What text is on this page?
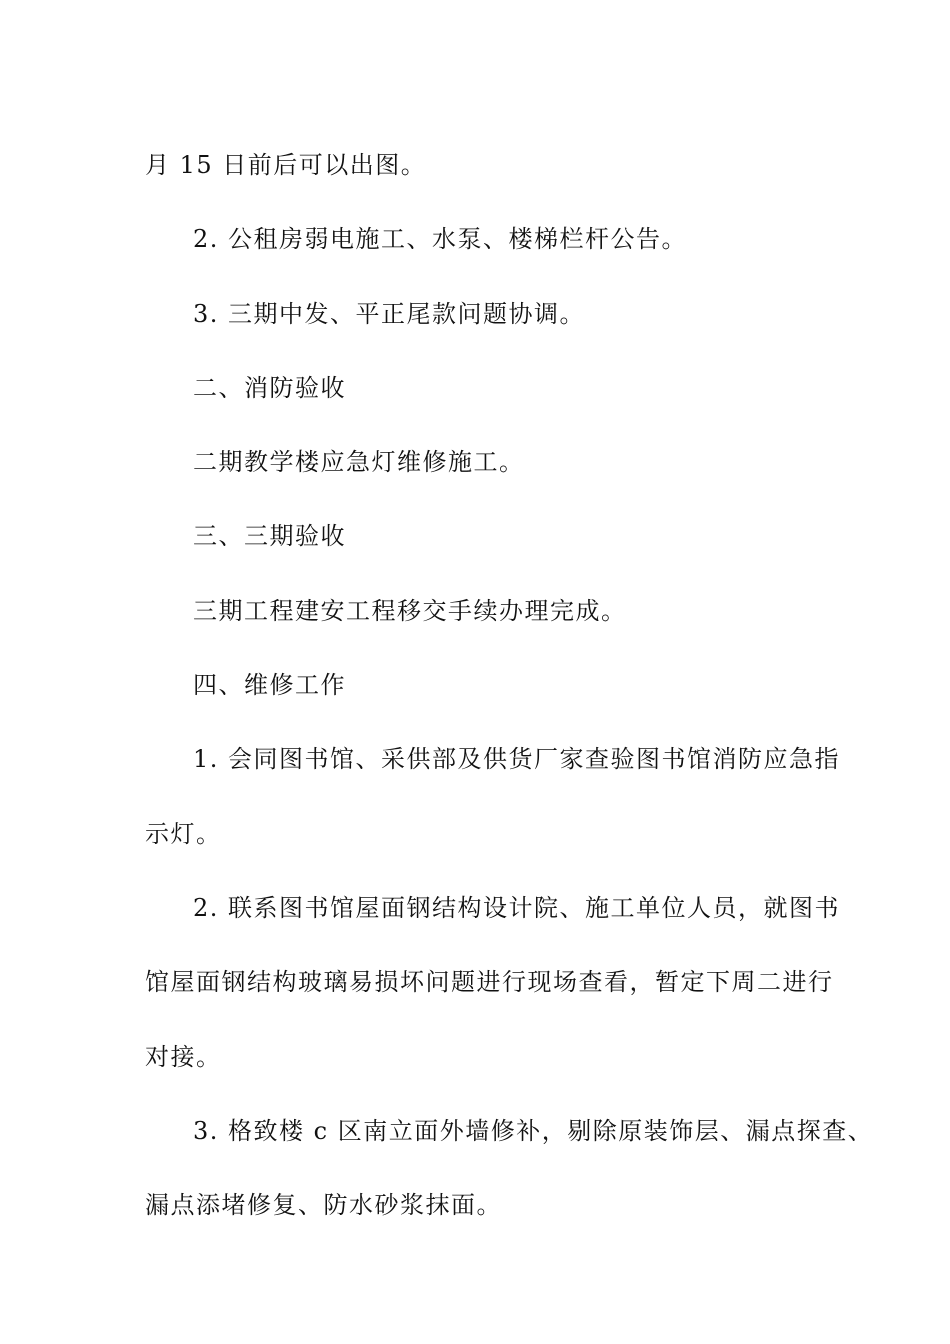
月 15 日前后可以出图。

2. 公租房弱电施工、水泵、楼梯栏杆公告。

3. 三期中发、平正尾款问题协调。

二、消防验收

二期教学楼应急灯维修施工。

三、三期验收

三期工程建安工程移交手续办理完成。

四、维修工作

1. 会同图书馆、采供部及供货厂家查验图书馆消防应急指

示灯。

2. 联系图书馆屋面钢结构设计院、施工单位人员，就图书

馆屋面钢结构玻璃易损坏问题进行现场查看，暂定下周二进行

对接。

3. 格致楼 c 区南立面外墙修补，剔除原装饰层、漏点探查、

漏点添堵修复、防水砂浆抹面。
